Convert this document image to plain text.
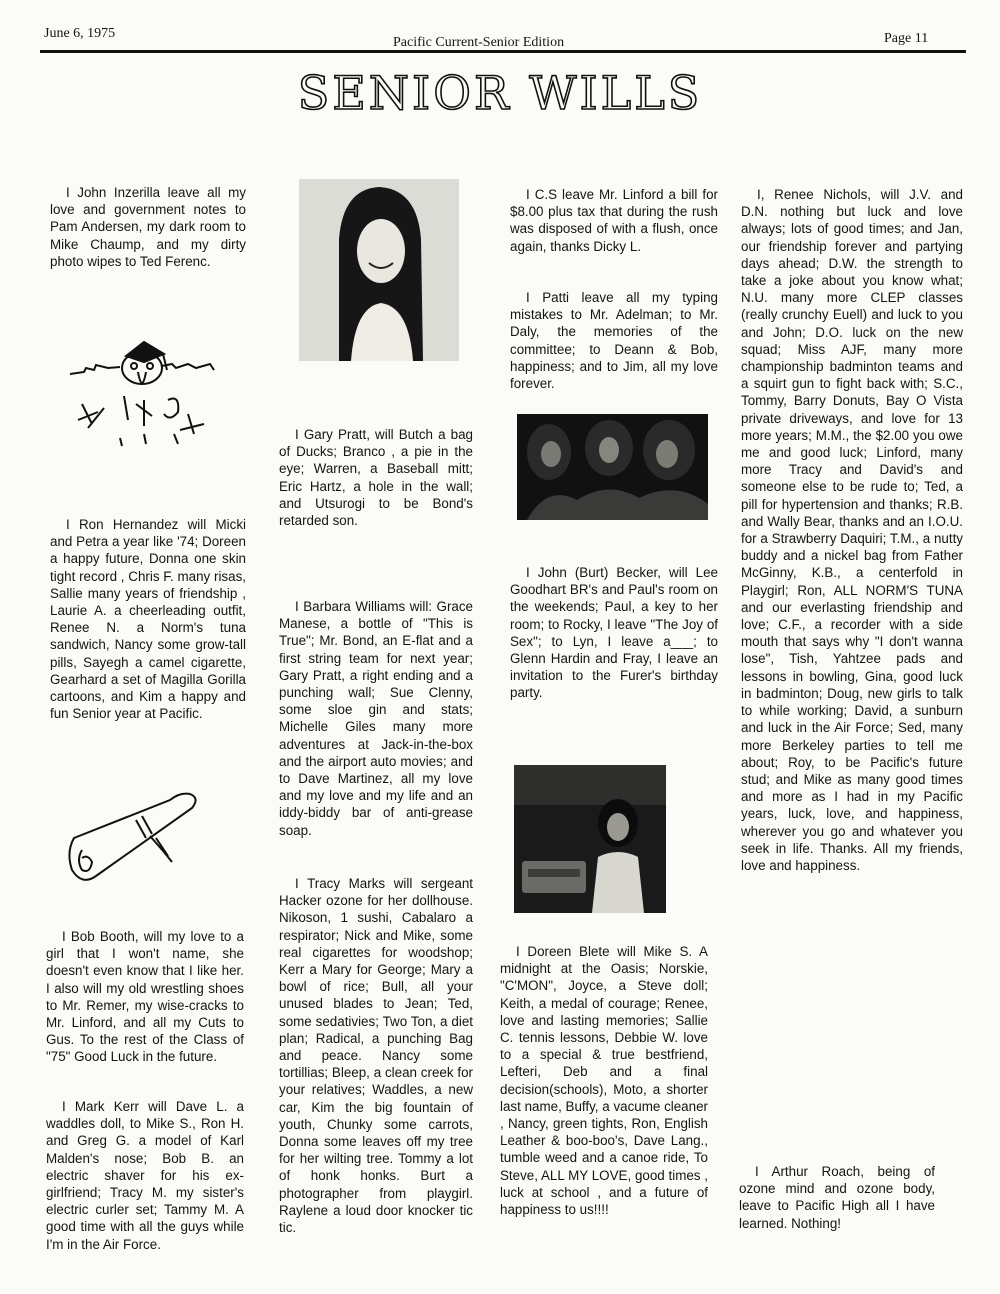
June 6, 1975
Pacific Current-Senior Edition	Page 11
SENIOR WILLS
I John Inzerilla leave all my love and government notes to Pam Andersen, my dark room to Mike Chaump, and my dirty photo wipes to Ted Ferenc.
I Ron Hernandez will Micki and Petra a year like '74; Doreen a happy future, Donna one skin tight record , Chris F. many risas, Sallie many years of friendship , Laurie A. a cheerleading outfit, Renee N. a Norm's tuna sandwich, Nancy some grow-tall pills, Sayegh a camel cigarette, Gearhard a set of Magilla Gorilla cartoons, and Kim a happy and fun Senior year at Pacific.
I Bob Booth, will my love to a girl that I won't name, she doesn't even know that I like her. I also will my old wrestling shoes to Mr. Remer, my wise-cracks to Mr. Linford, and all my Cuts to Gus. To the rest of the Class of "75" Good Luck in the future.
I Mark Kerr will Dave L. a waddles doll, to Mike S., Ron H. and Greg G. a model of Karl Malden's nose; Bob B. an electric shaver for his ex-girlfriend; Tracy M. my sister's electric curler set; Tammy M. A good time with all the guys while I'm in the Air Force.
I Gary Pratt, will Butch a bag of Ducks; Branco , a pie in the eye; Warren, a Baseball mitt; Eric Hartz, a hole in the wall; and Utsurogi to be Bond's retarded son.
I Barbara Williams will: Grace Manese, a bottle of "This is True"; Mr. Bond, an E-flat and a first string team for next year; Gary Pratt, a right ending and a punching wall; Sue Clenny, some sloe gin and stats; Michelle Giles many more adventures at Jack-in-the-box and the airport auto movies; and to Dave Martinez, all my love and my love and my life and an iddy-biddy bar of anti-grease soap.
I Tracy Marks will sergeant Hacker ozone for her dollhouse. Nikoson, 1 sushi, Cabalaro a respirator; Nick and Mike, some real cigarettes for woodshop; Kerr a Mary for George; Mary a bowl of rice; Bull, all your unused blades to Jean; Ted, some sedativies; Two Ton, a diet plan; Radical, a punching Bag and peace. Nancy some tortillias; Bleep, a clean creek for your relatives; Waddles, a new car, Kim the big fountain of youth, Chunky some carrots, Donna some leaves off my tree for her wilting tree. Tommy a lot of honk honks. Burt a photographer from playgirl. Raylene a loud door knocker tic tic.
I C.S leave Mr. Linford a bill for $8.00 plus tax that during the rush was disposed of with a flush, once again, thanks Dicky L.
I Patti leave all my typing mistakes to Mr. Adelman; to Mr. Daly, the memories of the committee; to Deann & Bob, happiness; and to Jim, all my love forever.
I John (Burt) Becker, will Lee Goodhart BR's and Paul's room on the weekends; Paul, a key to her room; to Rocky, I leave "The Joy of Sex"; to Lyn, I leave a___; to Glenn Hardin and Fray, I leave an invitation to the Furer's birthday party.
I Doreen Blete will Mike S. A midnight at the Oasis; Norskie, "C'MON", Joyce, a Steve doll; Keith, a medal of courage; Renee, love and lasting memories; Sallie C. tennis lessons, Debbie W. love to a special & true bestfriend, Lefteri, Deb and a final decision(schools), Moto, a shorter last name, Buffy, a vacume cleaner , Nancy, green tights, Ron, English Leather & boo-boo's, Dave Lang., tumble weed and a canoe ride, To Steve, ALL MY LOVE, good times , luck at school , and a future of happiness to us!!!!
I, Renee Nichols, will J.V. and D.N. nothing but luck and love always; lots of good times; and Jan, our friendship forever and partying days ahead; D.W. the strength to take a joke about you know what; N.U. many more CLEP classes (really crunchy Euell) and luck to you and John; D.O. luck on the new squad; Miss AJF, many more championship badminton teams and a squirt gun to fight back with; S.C., Tommy, Barry Donuts, Bay O Vista private driveways, and love for 13 more years; M.M., the $2.00 you owe me and good luck; Linford, many more Tracy and David's and someone else to be rude to; Ted, a pill for hypertension and thanks; R.B. and Wally Bear, thanks and an I.O.U. for a Strawberry Daquiri; T.M., a nutty buddy and a nickel bag from Father McGinny, K.B., a centerfold in Playgirl; Ron, ALL NORM'S TUNA and our everlasting friendship and love; C.F., a recorder with a side mouth that says why "I don't wanna lose", Tish, Yahtzee pads and lessons in bowling, Gina, good luck in badminton; Doug, new girls to talk to while working; David, a sunburn and luck in the Air Force; Sed, many more Berkeley parties to tell me about; Roy, to be Pacific's future stud; and Mike as many good times and more as I had in my Pacific years, luck, love, and happiness, wherever you go and whatever you seek in life. Thanks. All my friends, love and happiness.
I Arthur Roach, being of ozone mind and ozone body, leave to Pacific High all I have learned. Nothing!
